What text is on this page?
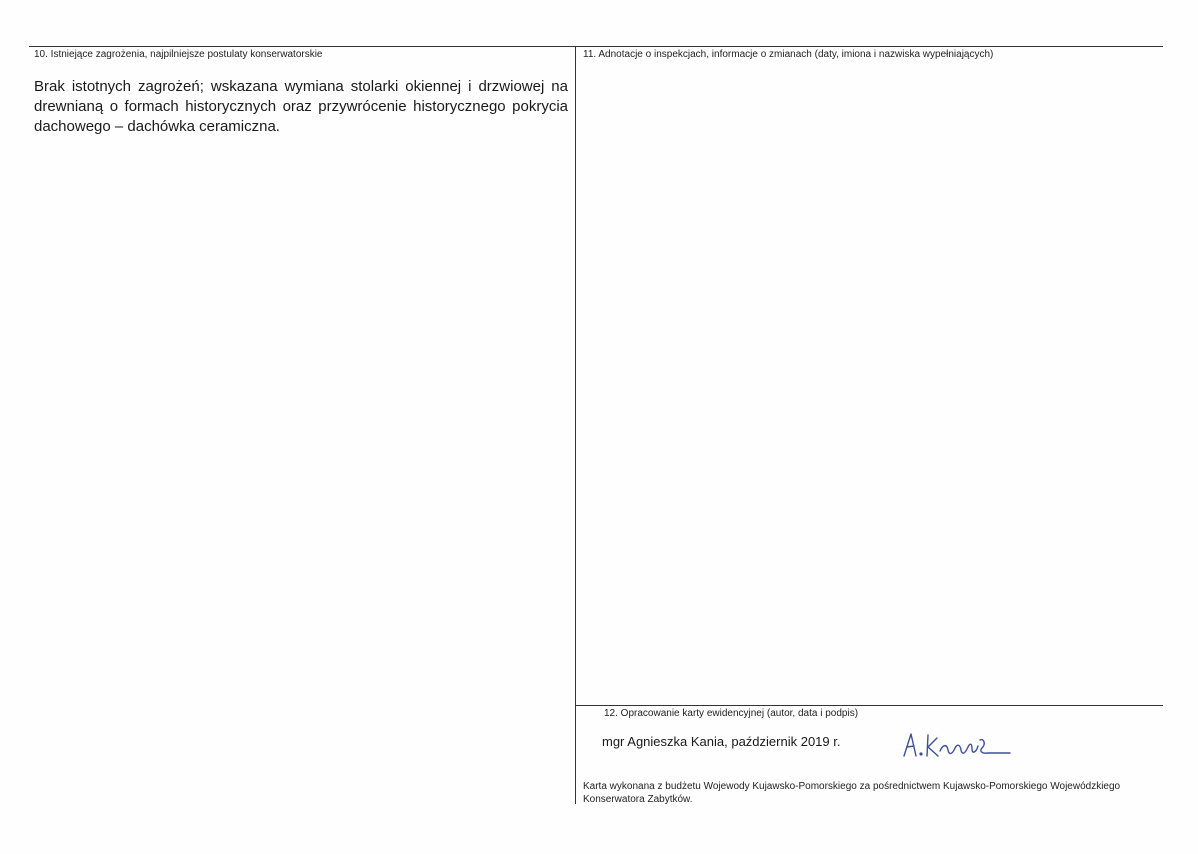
10. Istniejące zagrożenia, najpilniejsze postulaty konserwatorskie
Brak istotnych zagrożeń; wskazana wymiana stolarki okiennej i drzwiowej na drewnianą o formach historycznych oraz przywrócenie historycznego pokrycia dachowego – dachówka ceramiczna.
11. Adnotacje o inspekcjach, informacje o zmianach (daty, imiona i nazwiska wypełniających)
12. Opracowanie karty ewidencyjnej (autor, data i podpis)
mgr Agnieszka Kania, październik 2019 r.
Karta wykonana z budżetu Wojewody Kujawsko-Pomorskiego za pośrednictwem Kujawsko-Pomorskiego Wojewódzkiego Konserwatora Zabytków.
